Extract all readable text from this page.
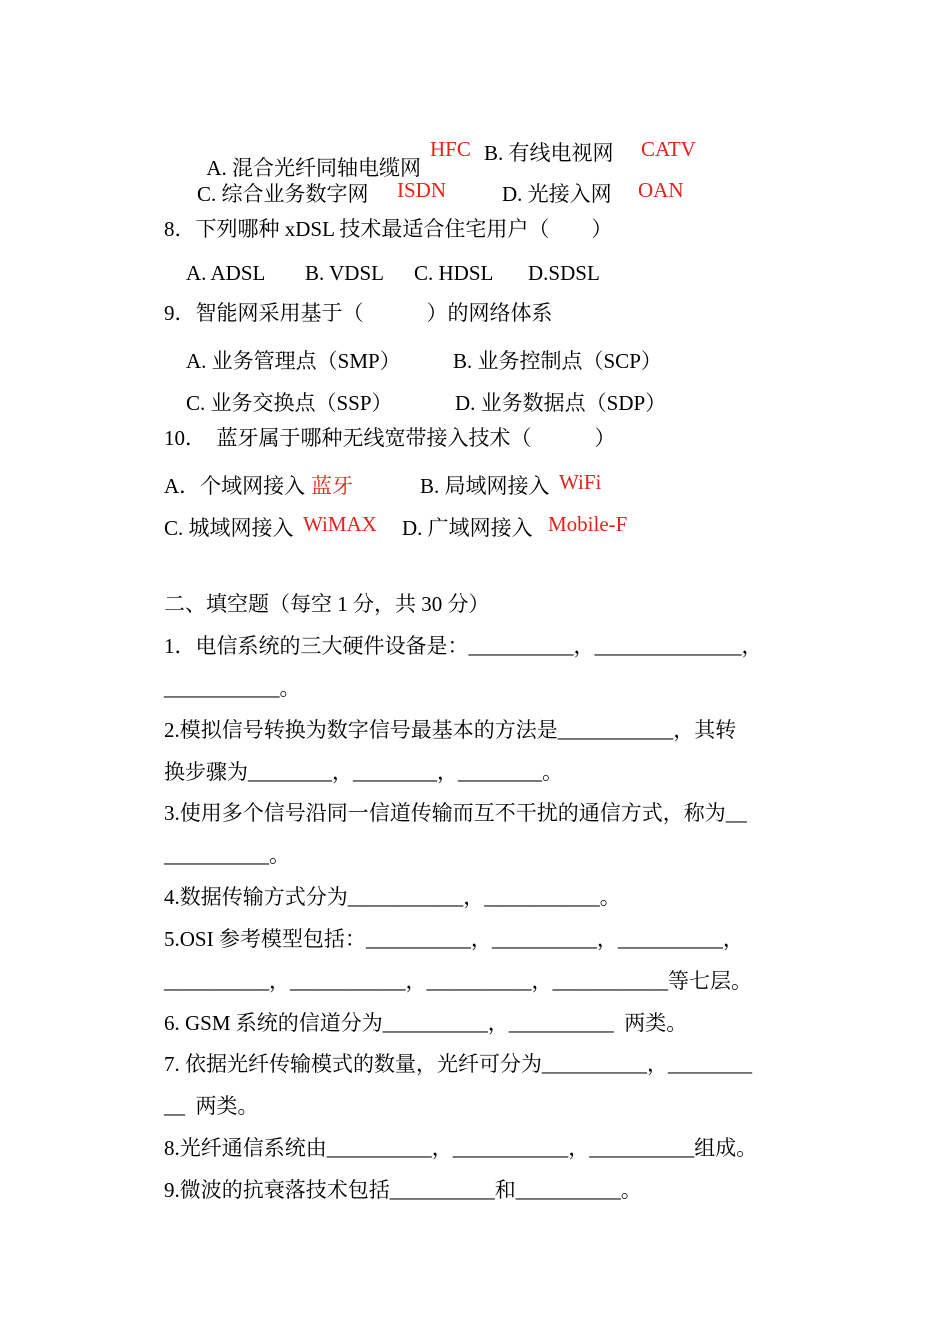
A. 混合光纤同轴电缆网

HFC B. 有线电视网 CATV
C. 综合业务数字网 ISDN	D. 光接入网 OAN
8．下列哪种 xDSL 技术最适合住宅用户（　　）
A. ADSL B. VDSL C. HDSL D.SDSL
9．智能网采用基于（　　　）的网络体系
A. 业务管理点（SMP） B. 业务控制点（SCP）
C. 业务交换点（SSP）	D. 业务数据点（SDP）
10．　蓝牙属于哪种无线宽带接入技术（　　　）
A．个域网接入 蓝牙	B. 局域网接入 WiFi
C. 城域网接入 WiMAX D. 广域网接入 Mobile-F
二、填空题（每空 1 分，共 30 分）
1．电信系统的三大硬件设备是：__________，______________，
___________。
2.模拟信号转换为数字信号最基本的方法是___________，其转
换步骤为________，________，________。
3.使用多个信号沿同一信道传输而互不干扰的通信方式，称为__
__________。
4.数据传输方式分为___________，___________。
5.OSI 参考模型包括：__________，__________，__________，
__________，___________，__________，___________等七层。
6. GSM 系统的信道分为__________，__________  两类。
7. 依据光纤传输模式的数量，光纤可分为__________，________
__  两类。
8.光纤通信系统由__________，___________，__________组成。
9.微波的抗衰落技术包括__________和__________。
